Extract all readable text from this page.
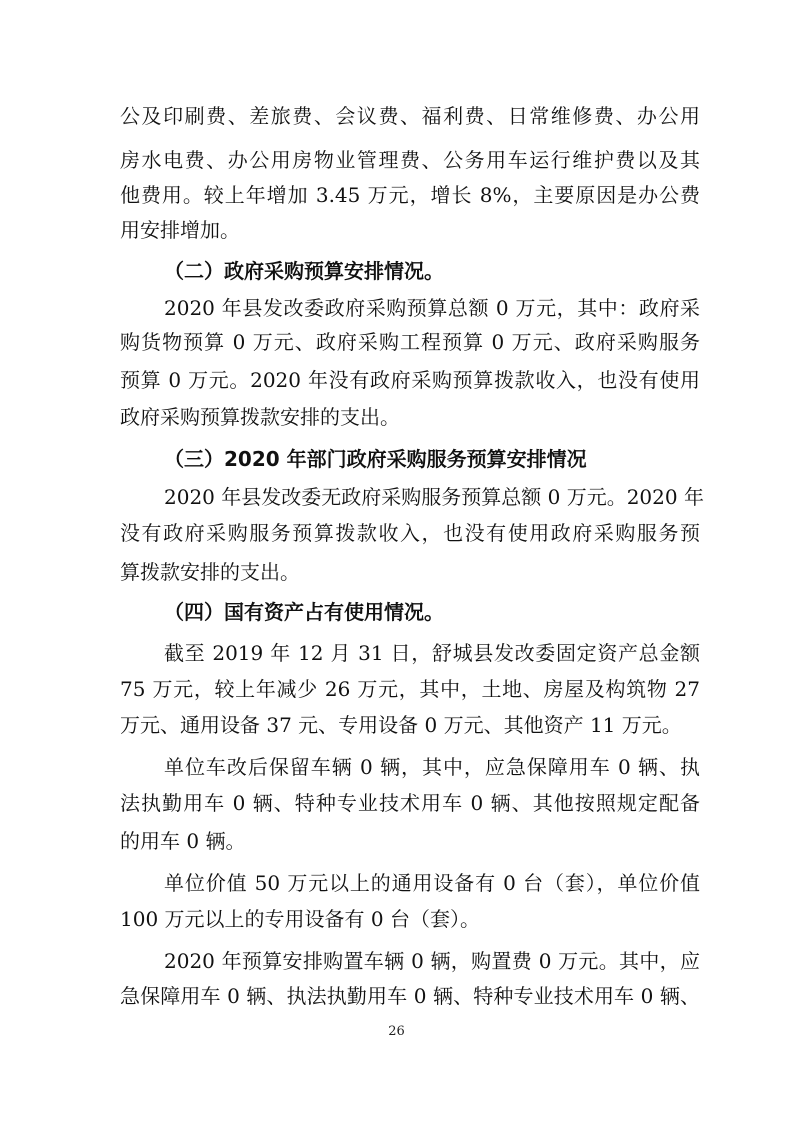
公及印刷费、差旅费、会议费、福利费、日常维修费、办公用
房水电费、办公用房物业管理费、公务用车运行维护费以及其
他费用。较上年增加 3.45 万元，增长 8%，主要原因是办公费
用安排增加。
（二）政府采购预算安排情况。
2020 年县发改委政府采购预算总额 0 万元，其中：政府采
购货物预算 0 万元、政府采购工程预算 0 万元、政府采购服务
预算 0 万元。2020 年没有政府采购预算拨款收入，也没有使用
政府采购预算拨款安排的支出。
（三）2020 年部门政府采购服务预算安排情况
2020 年县发改委无政府采购服务预算总额 0 万元。2020 年
没有政府采购服务预算拨款收入，也没有使用政府采购服务预
算拨款安排的支出。
（四）国有资产占有使用情况。
截至 2019 年 12 月 31 日，舒城县发改委固定资产总金额
75 万元，较上年减少 26 万元，其中，土地、房屋及构筑物 27
万元、通用设备 37 元、专用设备 0 万元、其他资产 11 万元。
单位车改后保留车辆 0 辆，其中，应急保障用车 0 辆、执
法执勤用车 0 辆、特种专业技术用车 0 辆、其他按照规定配备
的用车 0 辆。
单位价值 50 万元以上的通用设备有 0 台（套），单位价值
100 万元以上的专用设备有 0 台（套）。
2020 年预算安排购置车辆 0 辆，购置费 0 万元。其中，应
急保障用车 0 辆、执法执勤用车 0 辆、特种专业技术用车 0 辆、
26
